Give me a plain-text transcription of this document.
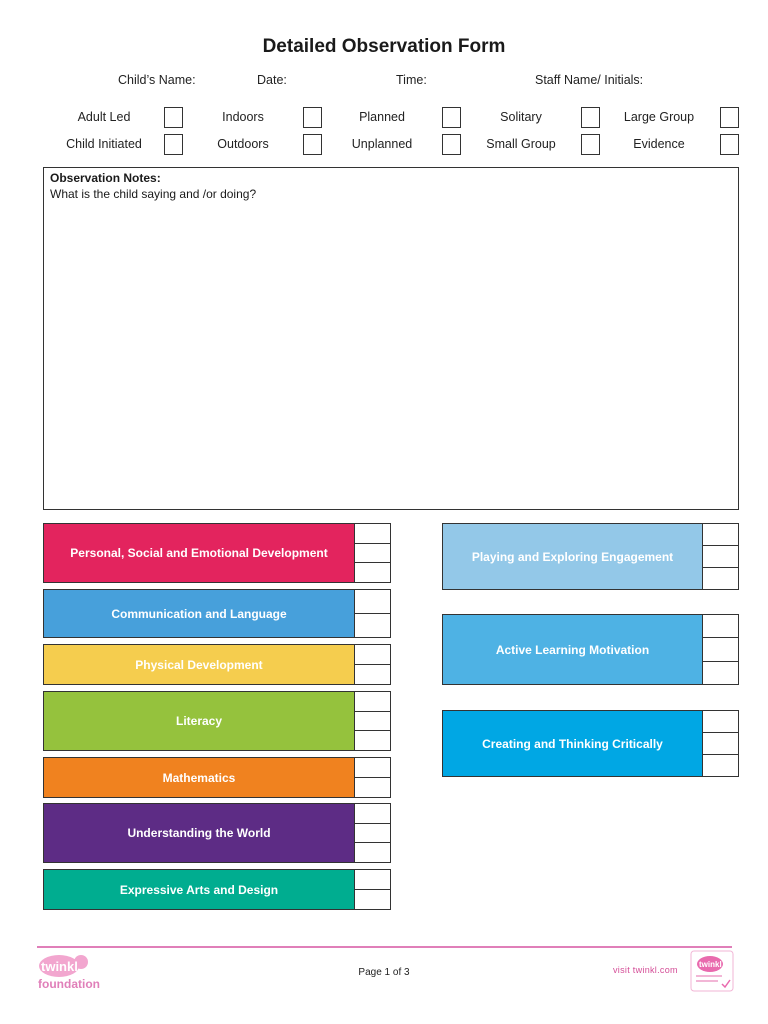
Detailed Observation Form
Child’s Name:	Date:	Time:	Staff Name/ Initials:
Adult Led	Indoors	Planned	Solitary	Large Group
Child Initiated	Outdoors	Unplanned	Small Group	Evidence
Observation Notes:
What is the child saying and /or doing?
Personal, Social and Emotional Development
Communication and Language
Physical Development
Literacy
Mathematics
Understanding the World
Expressive Arts and Design
Playing and Exploring Engagement
Active Learning Motivation
Creating and Thinking Critically
twinkl
foundation
Page 1 of 3	visit twinkl.com
twinkl
